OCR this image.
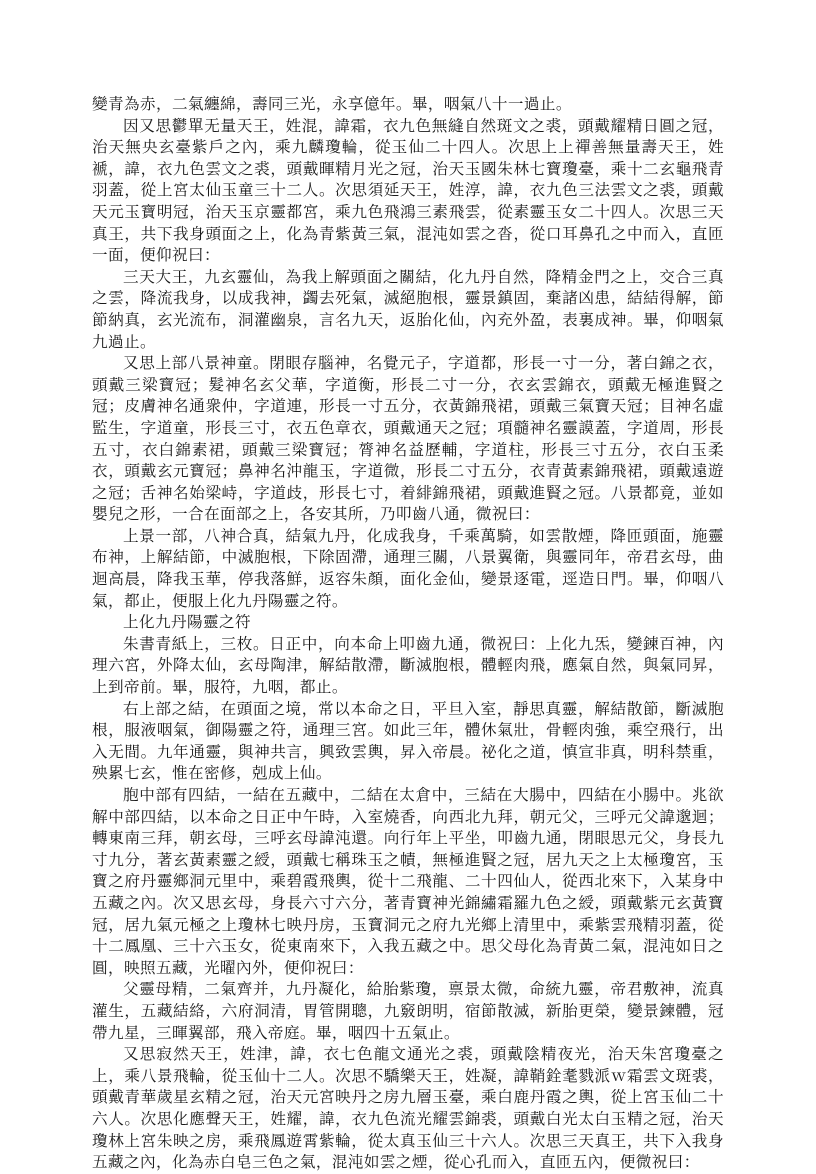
變青為赤，二氣纏綿，壽同三光，永享億年。畢，咽氣八十一過止。

因又思鬱單无量天王，姓混，諱霜，衣九色無縫自然斑文之裘，頭戴耀精日圓之冠，治天無央玄臺紫戶之內，乘九麟瓊輪，從玉仙二十四人。次思上上禪善無量壽天王，姓褫，諱，衣九色雲文之裘，頭戴暉精月光之冠，治天玉國朱林七寶瓊臺，乘十二玄龜飛青羽蓋，從上宮太仙玉童三十二人。次思須延天王，姓淳，諱，衣九色三法雲文之裘，頭戴天元玉寶明冠，治天玉京靈都宮，乘九色飛鴻三素飛雲，從素靈玉女二十四人。次思三天真王，共下我身頭面之上，化為青紫黃三氣，混沌如雲之沓，從口耳鼻孔之中而入，直匝一面，便仰祝曰：

三天大王，九玄靈仙，為我上解頭面之關結，化九丹自然，降精金門之上，交合三真之雲，降流我身，以成我神，蠲去死氣，滅絕胞根，靈景鎮固，棄諸凶患，結結得解，節節納真，玄光流布，洞灌幽泉，言名九天，返胎化仙，內充外盈，表裏成神。畢，仰咽氣九過止。

又思上部八景神童。閉眼存腦神，名覺元子，字道都，形長一寸一分，著白錦之衣，頭戴三梁寶冠；髮神名玄父華，字道衡，形長二寸一分，衣玄雲錦衣，頭戴无極進賢之冠；皮膚神名通衆仲，字道連，形長一寸五分，衣黃錦飛裙，頭戴三氣寶天冠；目神名虛監生，字道童，形長三寸，衣五色章衣，頭戴通天之冠；項髓神名靈謨蓋，字道周，形長五寸，衣白錦素裙，頭戴三梁寶冠；膂神名益歷輔，字道柱，形長三寸五分，衣白玉柔衣，頭戴玄元寶冠；鼻神名沖龍玉，字道微，形長二寸五分，衣青黃素錦飛裙，頭戴遠遊之冠；舌神名始梁峙，字道歧，形長七寸，着緋錦飛裙，頭戴進賢之冠。八景都竟，並如嬰兒之形，一合在面部之上，各安其所，乃叩齒八通，微祝曰：

上景一部，八神合真，結氣九丹，化成我身，千乘萬騎，如雲散煙，降匝頭面，施靈布神，上解結節，中滅胞根，下除固滯，通理三關，八景翼衛，與靈同年，帝君玄母，曲迴高晨，降我玉華，停我落鮮，返容朱顏，面化金仙，變景逐電，逕造日門。畢，仰咽八氣，都止，便服上化九丹陽靈之符。

上化九丹陽靈之符

朱書青紙上，三枚。日正中，向本命上叩齒九通，微祝曰：上化九炁，變鍊百神，內理六宮，外降太仙，玄母陶津，解結散滯，斷滅胞根，體輕肉飛，應氣自然，與氣同昇，上到帝前。畢，服符，九咽，都止。

右上部之結，在頭面之境，常以本命之日，平旦入室，靜思真靈，解結散節，斷滅胞根，服液咽氣，御陽靈之符，通理三宮。如此三年，體休氣壯，骨輕肉強，乘空飛行，出入无間。九年通靈，與神共言，興致雲輿，昇入帝晨。祕化之道，慎宣非真，明科禁重，殃累七玄，惟在密修，剋成上仙。

胞中部有四結，一結在五藏中，二結在太倉中，三結在大腸中，四結在小腸中。兆欲解中部四結，以本命之日正中午時，入室燒香，向西北九拜，朝元父，三呼元父諱邈迴；轉東南三拜，朝玄母，三呼玄母諱沌還。向行年上平坐，叩齒九通，閉眼思元父，身長九寸九分，著玄黃素靈之綬，頭戴七稱珠玉之幘，無極進賢之冠，居九天之上太極瓊宮，玉寶之府丹靈鄉洞元里中，乘碧霞飛輿，從十二飛龍、二十四仙人，從西北來下，入某身中五藏之內。次又思玄母，身長六寸六分，著青寶神光錦繡霜羅九色之綬，頭戴紫元玄黃寶冠，居九氣元極之上瓊林七映丹房，玉寶洞元之府九光鄉上清里中，乘紫雲飛精羽蓋，從十二鳳凰、三十六玉女，從東南來下，入我五藏之中。思父母化為青黃二氣，混沌如日之圓，映照五藏，光曜內外，便仰祝曰：

父靈母精，二氣齊并，九丹凝化，給胎紫瓊，禀景太微，命統九靈，帝君敷神，流真灌生，五藏結絡，六府洞清，胃管開聰，九竅朗明，宿節散滅，新胎更榮，變景鍊體，冠帶九星，三暉翼部，飛入帝庭。畢，咽四十五氣止。

又思寂然天王，姓津，諱，衣七色龍文通光之裘，頭戴陰精夜光，治天朱宮瓊臺之上，乘八景飛輪，從玉仙十二人。次思不驕樂天王，姓凝，諱鞘銓耄戮派ｗ霜雲文斑裘，頭戴青華歲星玄精之冠，治天元宮映丹之房九層玉臺，乘白鹿丹霞之輿，從上宮玉仙二十六人。次思化應聲天王，姓耀，諱，衣九色流光耀雲錦裘，頭戴白光太白玉精之冠，治天瓊林上宮朱映之房，乘飛鳳遊霄紫輪，從太真玉仙三十六人。次思三天真王，共下入我身五藏之內，化為赤白皂三色之氣，混沌如雲之煙，從心孔而入，直匝五內，便微祝曰：
